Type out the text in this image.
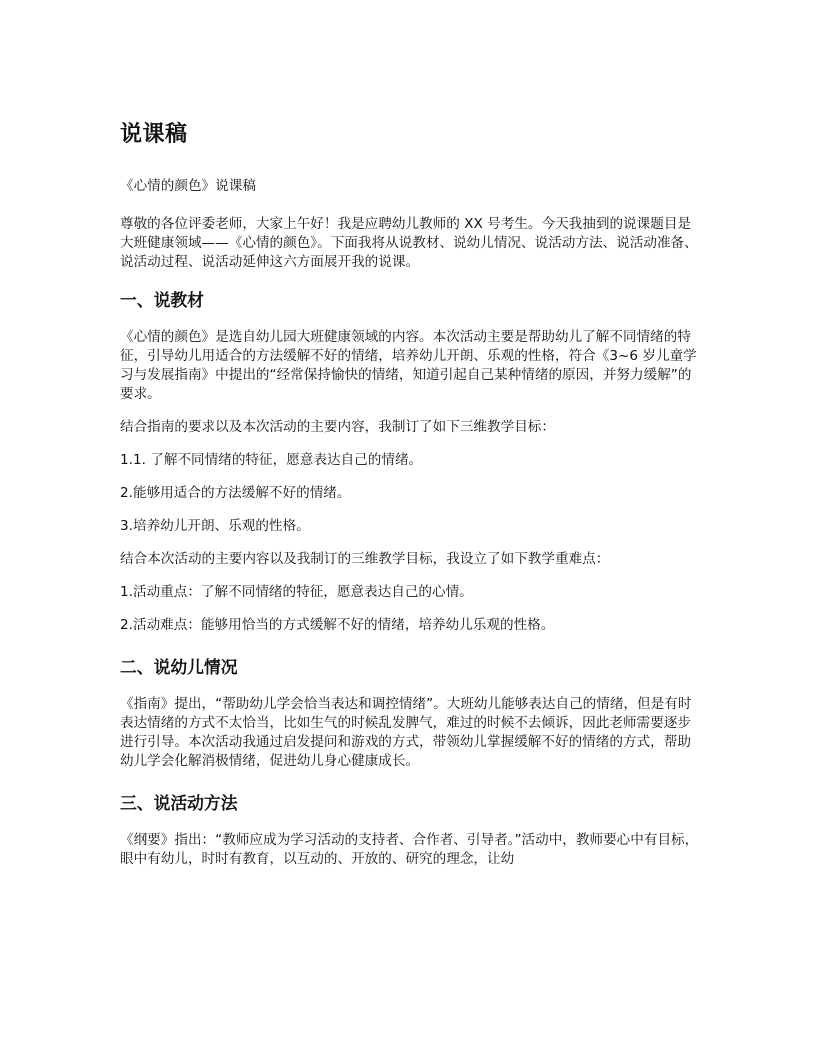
说课稿

《心情的颜色》说课稿

尊敬的各位评委老师，大家上午好！我是应聘幼儿教师的 XX 号考生。今天我抽到的说课题目是大班健康领域——《心情的颜色》。下面我将从说教材、说幼儿情况、说活动方法、说活动准备、说活动过程、说活动延伸这六方面展开我的说课。

一、说教材

《心情的颜色》是选自幼儿园大班健康领域的内容。本次活动主要是帮助幼儿了解不同情绪的特征，引导幼儿用适合的方法缓解不好的情绪，培养幼儿开朗、乐观的性格，符合《3~6 岁儿童学习与发展指南》中提出的“经常保持愉快的情绪，知道引起自己某种情绪的原因，并努力缓解”的要求。

结合指南的要求以及本次活动的主要内容，我制订了如下三维教学目标：

1.1. 了解不同情绪的特征，愿意表达自己的情绪。

2.能够用适合的方法缓解不好的情绪。

3.培养幼儿开朗、乐观的性格。

结合本次活动的主要内容以及我制订的三维教学目标，我设立了如下教学重难点：

1.活动重点：了解不同情绪的特征，愿意表达自己的心情。

2.活动难点：能够用恰当的方式缓解不好的情绪，培养幼儿乐观的性格。

二、说幼儿情况

《指南》提出，“帮助幼儿学会恰当表达和调控情绪”。大班幼儿能够表达自己的情绪，但是有时表达情绪的方式不太恰当，比如生气的时候乱发脾气，难过的时候不去倾诉，因此老师需要逐步进行引导。本次活动我通过启发提问和游戏的方式，带领幼儿掌握缓解不好的情绪的方式，帮助幼儿学会化解消极情绪，促进幼儿身心健康成长。

三、说活动方法

《纲要》指出：“教师应成为学习活动的支持者、合作者、引导者。”活动中，教师要心中有目标，眼中有幼儿，时时有教育，以互动的、开放的、研究的理念，让幼
